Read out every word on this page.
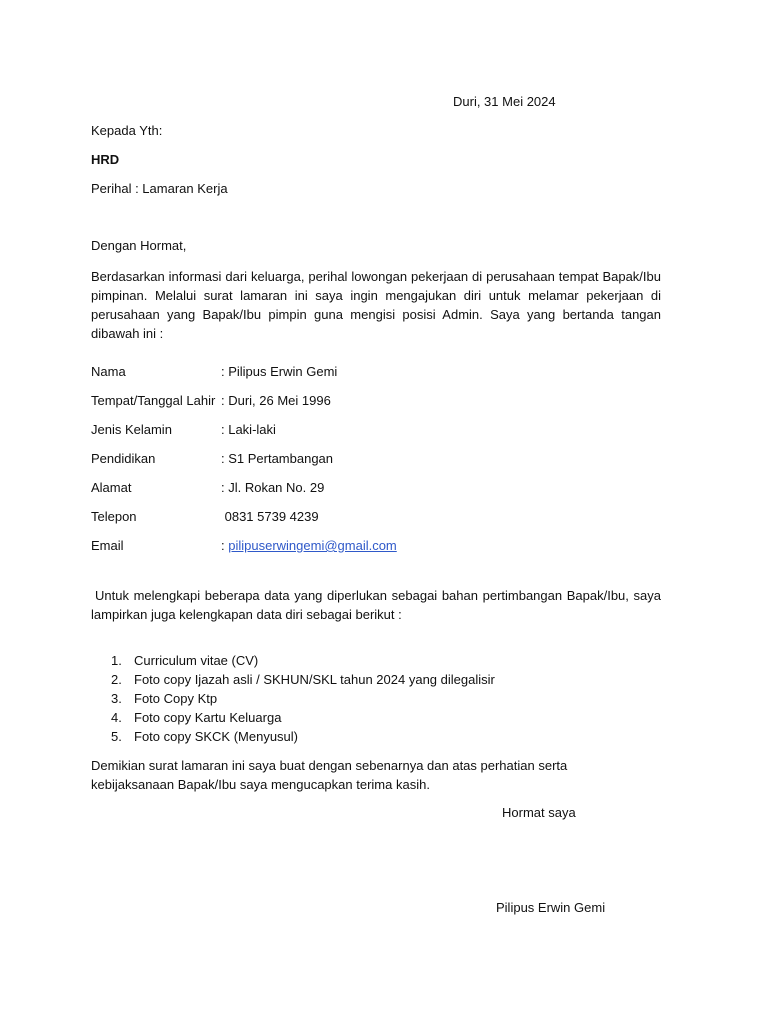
Duri, 31 Mei 2024
Kepada Yth:
HRD
Perihal : Lamaran Kerja
Dengan Hormat,
Berdasarkan informasi dari keluarga, perihal lowongan pekerjaan di perusahaan tempat Bapak/Ibu pimpinan. Melalui surat lamaran ini saya ingin mengajukan diri untuk melamar pekerjaan di perusahaan yang Bapak/Ibu pimpin guna mengisi posisi Admin. Saya yang bertanda tangan dibawah ini :
Nama	: Pilipus Erwin Gemi
Tempat/Tanggal Lahir : Duri, 26 Mei 1996
Jenis Kelamin	: Laki-laki
Pendidikan	: S1 Pertambangan
Alamat	: Jl. Rokan No. 29
Telepon	0831 5739 4239
Email	: pilipuserwingemi@gmail.com
Untuk melengkapi beberapa data yang diperlukan sebagai bahan pertimbangan Bapak/Ibu, saya lampirkan juga kelengkapan data diri sebagai berikut :
1. Curriculum vitae (CV)
2. Foto copy Ijazah asli / SKHUN/SKL tahun 2024 yang dilegalisir
3. Foto Copy Ktp
4. Foto copy Kartu Keluarga
5. Foto copy SKCK (Menyusul)
Demikian surat lamaran ini saya buat dengan sebenarnya dan atas perhatian serta kebijaksanaan Bapak/Ibu saya mengucapkan terima kasih.
Hormat saya
Pilipus Erwin Gemi
